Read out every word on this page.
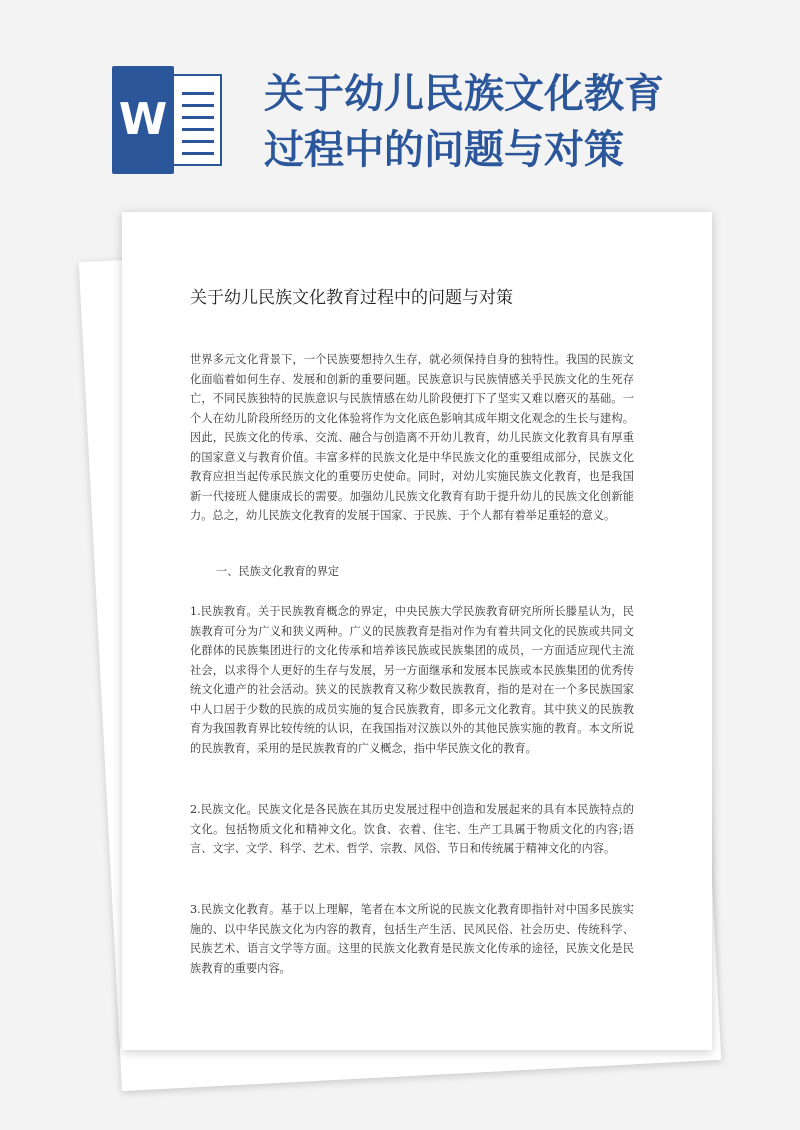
W
关于幼儿民族文化教育
过程中的问题与对策
关于幼儿民族文化教育过程中的问题与对策

世界多元文化背景下，一个民族要想持久生存，就必须保持自身的独特性。我国的民族文化面临着如何生存、发展和创新的重要问题。民族意识与民族情感关乎民族文化的生死存亡，不同民族独特的民族意识与民族情感在幼儿阶段便打下了坚实又难以磨灭的基础。一个人在幼儿阶段所经历的文化体验将作为文化底色影响其成年期文化观念的生长与建构。因此，民族文化的传承、交流、融合与创造离不开幼儿教育，幼儿民族文化教育具有厚重的国家意义与教育价值。丰富多样的民族文化是中华民族文化的重要组成部分，民族文化教育应担当起传承民族文化的重要历史使命。同时，对幼儿实施民族文化教育，也是我国新一代接班人健康成长的需要。加强幼儿民族文化教育有助于提升幼儿的民族文化创新能力。总之，幼儿民族文化教育的发展于国家、于民族、于个人都有着举足重轻的意义。

一、民族文化教育的界定

1.民族教育。关于民族教育概念的界定，中央民族大学民族教育研究所所长滕星认为，民族教育可分为广义和狭义两种。广义的民族教育是指对作为有着共同文化的民族或共同文化群体的民族集团进行的文化传承和培养该民族或民族集团的成员，一方面适应现代主流社会，以求得个人更好的生存与发展，另一方面继承和发展本民族或本民族集团的优秀传统文化遗产的社会活动。狭义的民族教育又称少数民族教育，指的是对在一个多民族国家中人口居于少数的民族的成员实施的复合民族教育，即多元文化教育。其中狭义的民族教育为我国教育界比较传统的认识，在我国指对汉族以外的其他民族实施的教育。本文所说的民族教育，采用的是民族教育的广义概念，指中华民族文化的教育。

2.民族文化。民族文化是各民族在其历史发展过程中创造和发展起来的具有本民族特点的文化。包括物质文化和精神文化。饮食、衣着、住宅、生产工具属于物质文化的内容;语言、文字、文学、科学、艺术、哲学、宗教、风俗、节日和传统属于精神文化的内容。

3.民族文化教育。基于以上理解，笔者在本文所说的民族文化教育即指针对中国多民族实施的、以中华民族文化为内容的教育，包括生产生活、民风民俗、社会历史、传统科学、民族艺术、语言文学等方面。这里的民族文化教育是民族文化传承的途径，民族文化是民族教育的重要内容。
